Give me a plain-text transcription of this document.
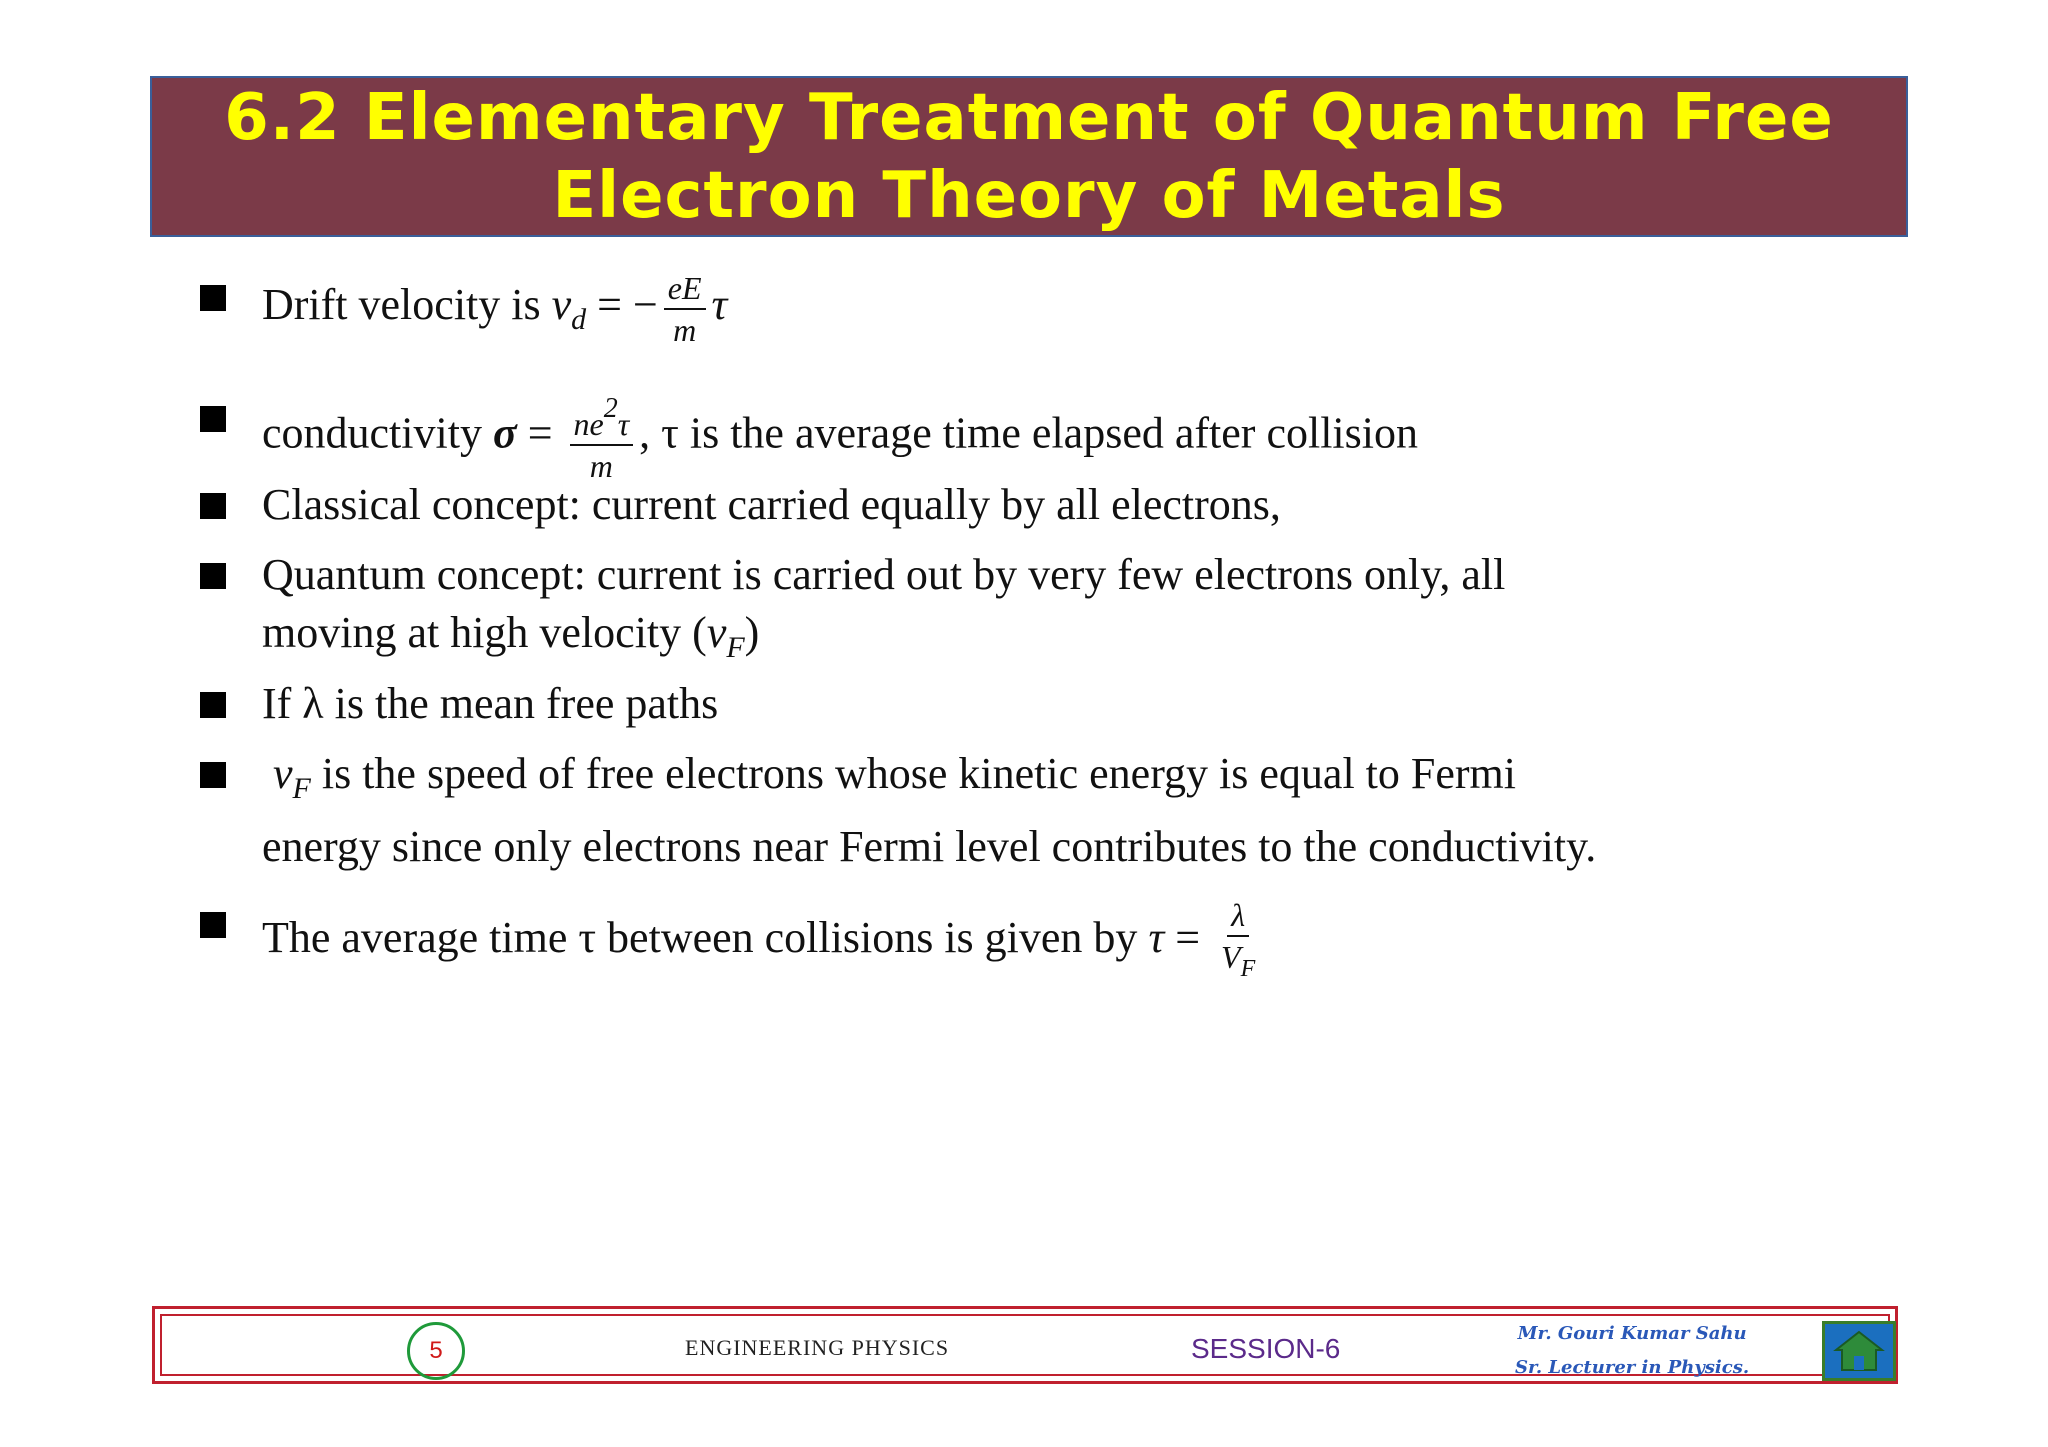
6.2 Elementary Treatment of Quantum Free
Electron Theory of Metals
Drift velocity is $v_d$ = − $\frac{eE}{m}$ τ
conductivity $\sigma = \frac{ne2\tau}{m}$ , τ is the average time elapsed after collision
Classical concept: current carried equally by all electrons,
Quantum concept: current is carried out by very few electrons only, all
moving at high velocity $(v_F)$
If λ is the mean free paths
$v_F$ is the speed of free electrons whose kinetic energy is equal to Fermi
energy since only electrons near Fermi level contributes to the conductivity.
The average time τ between collisions is given by $\tau = \frac{\lambda}{V_F}$
5	ENGINEERING PHYSICS	SESSION-6	Mr. Gouri Kumar Sahu
Sr. Lecturer in Physics.
